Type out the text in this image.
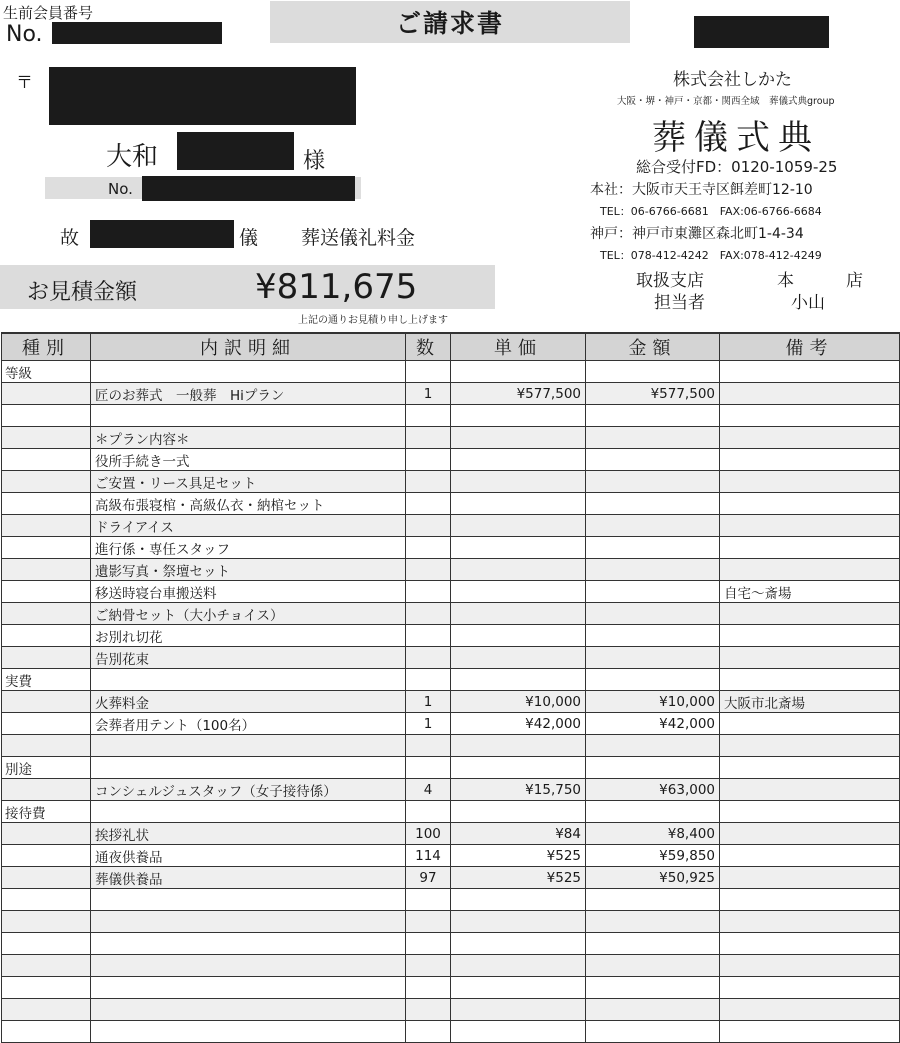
生前会員番号
No.	ご請求書
〒
大和	様
No.
故	儀 葬送儀礼料金
お見積金額	¥811,675
上記の通りお見積り申し上げます
株式会社しかた
大阪・堺・神戸・京都・関西全域　葬儀式典group
葬儀式典
総合受付FD：0120-1059-25
本社：大阪市天王寺区餌差町12-10
TEL：06-6766-6681　FAX:06-6766-6684
神戸：神戸市東灘区森北町1-4-34
TEL：078-412-4242　FAX:078-412-4249
取扱支店	本　　店
担当者	小山
種別	内訳明細	数	単価	金額	備考
等級					
	匠のお葬式　一般葬　Hiプラン	1	¥577,500	¥577,500	

	＊プラン内容＊				
	役所手続き一式				
	ご安置・リース具足セット				
	高級布張寝棺・高級仏衣・納棺セット				
	ドライアイス				
	進行係・専任スタッフ				
	遺影写真・祭壇セット				
	移送時寝台車搬送料				自宅～斎場
	ご納骨セット（大小チョイス）				
	お別れ切花				
	告別花束				
実費					
	火葬料金	1	¥10,000	¥10,000	大阪市北斎場
	会葬者用テント（100名）	1	¥42,000	¥42,000	

別途					
	コンシェルジュスタッフ（女子接待係）	4	¥15,750	¥63,000	
接待費					
	挨拶礼状	100	¥84	¥8,400	
	通夜供養品	114	¥525	¥59,850	
	葬儀供養品	97	¥525	¥50,925	
